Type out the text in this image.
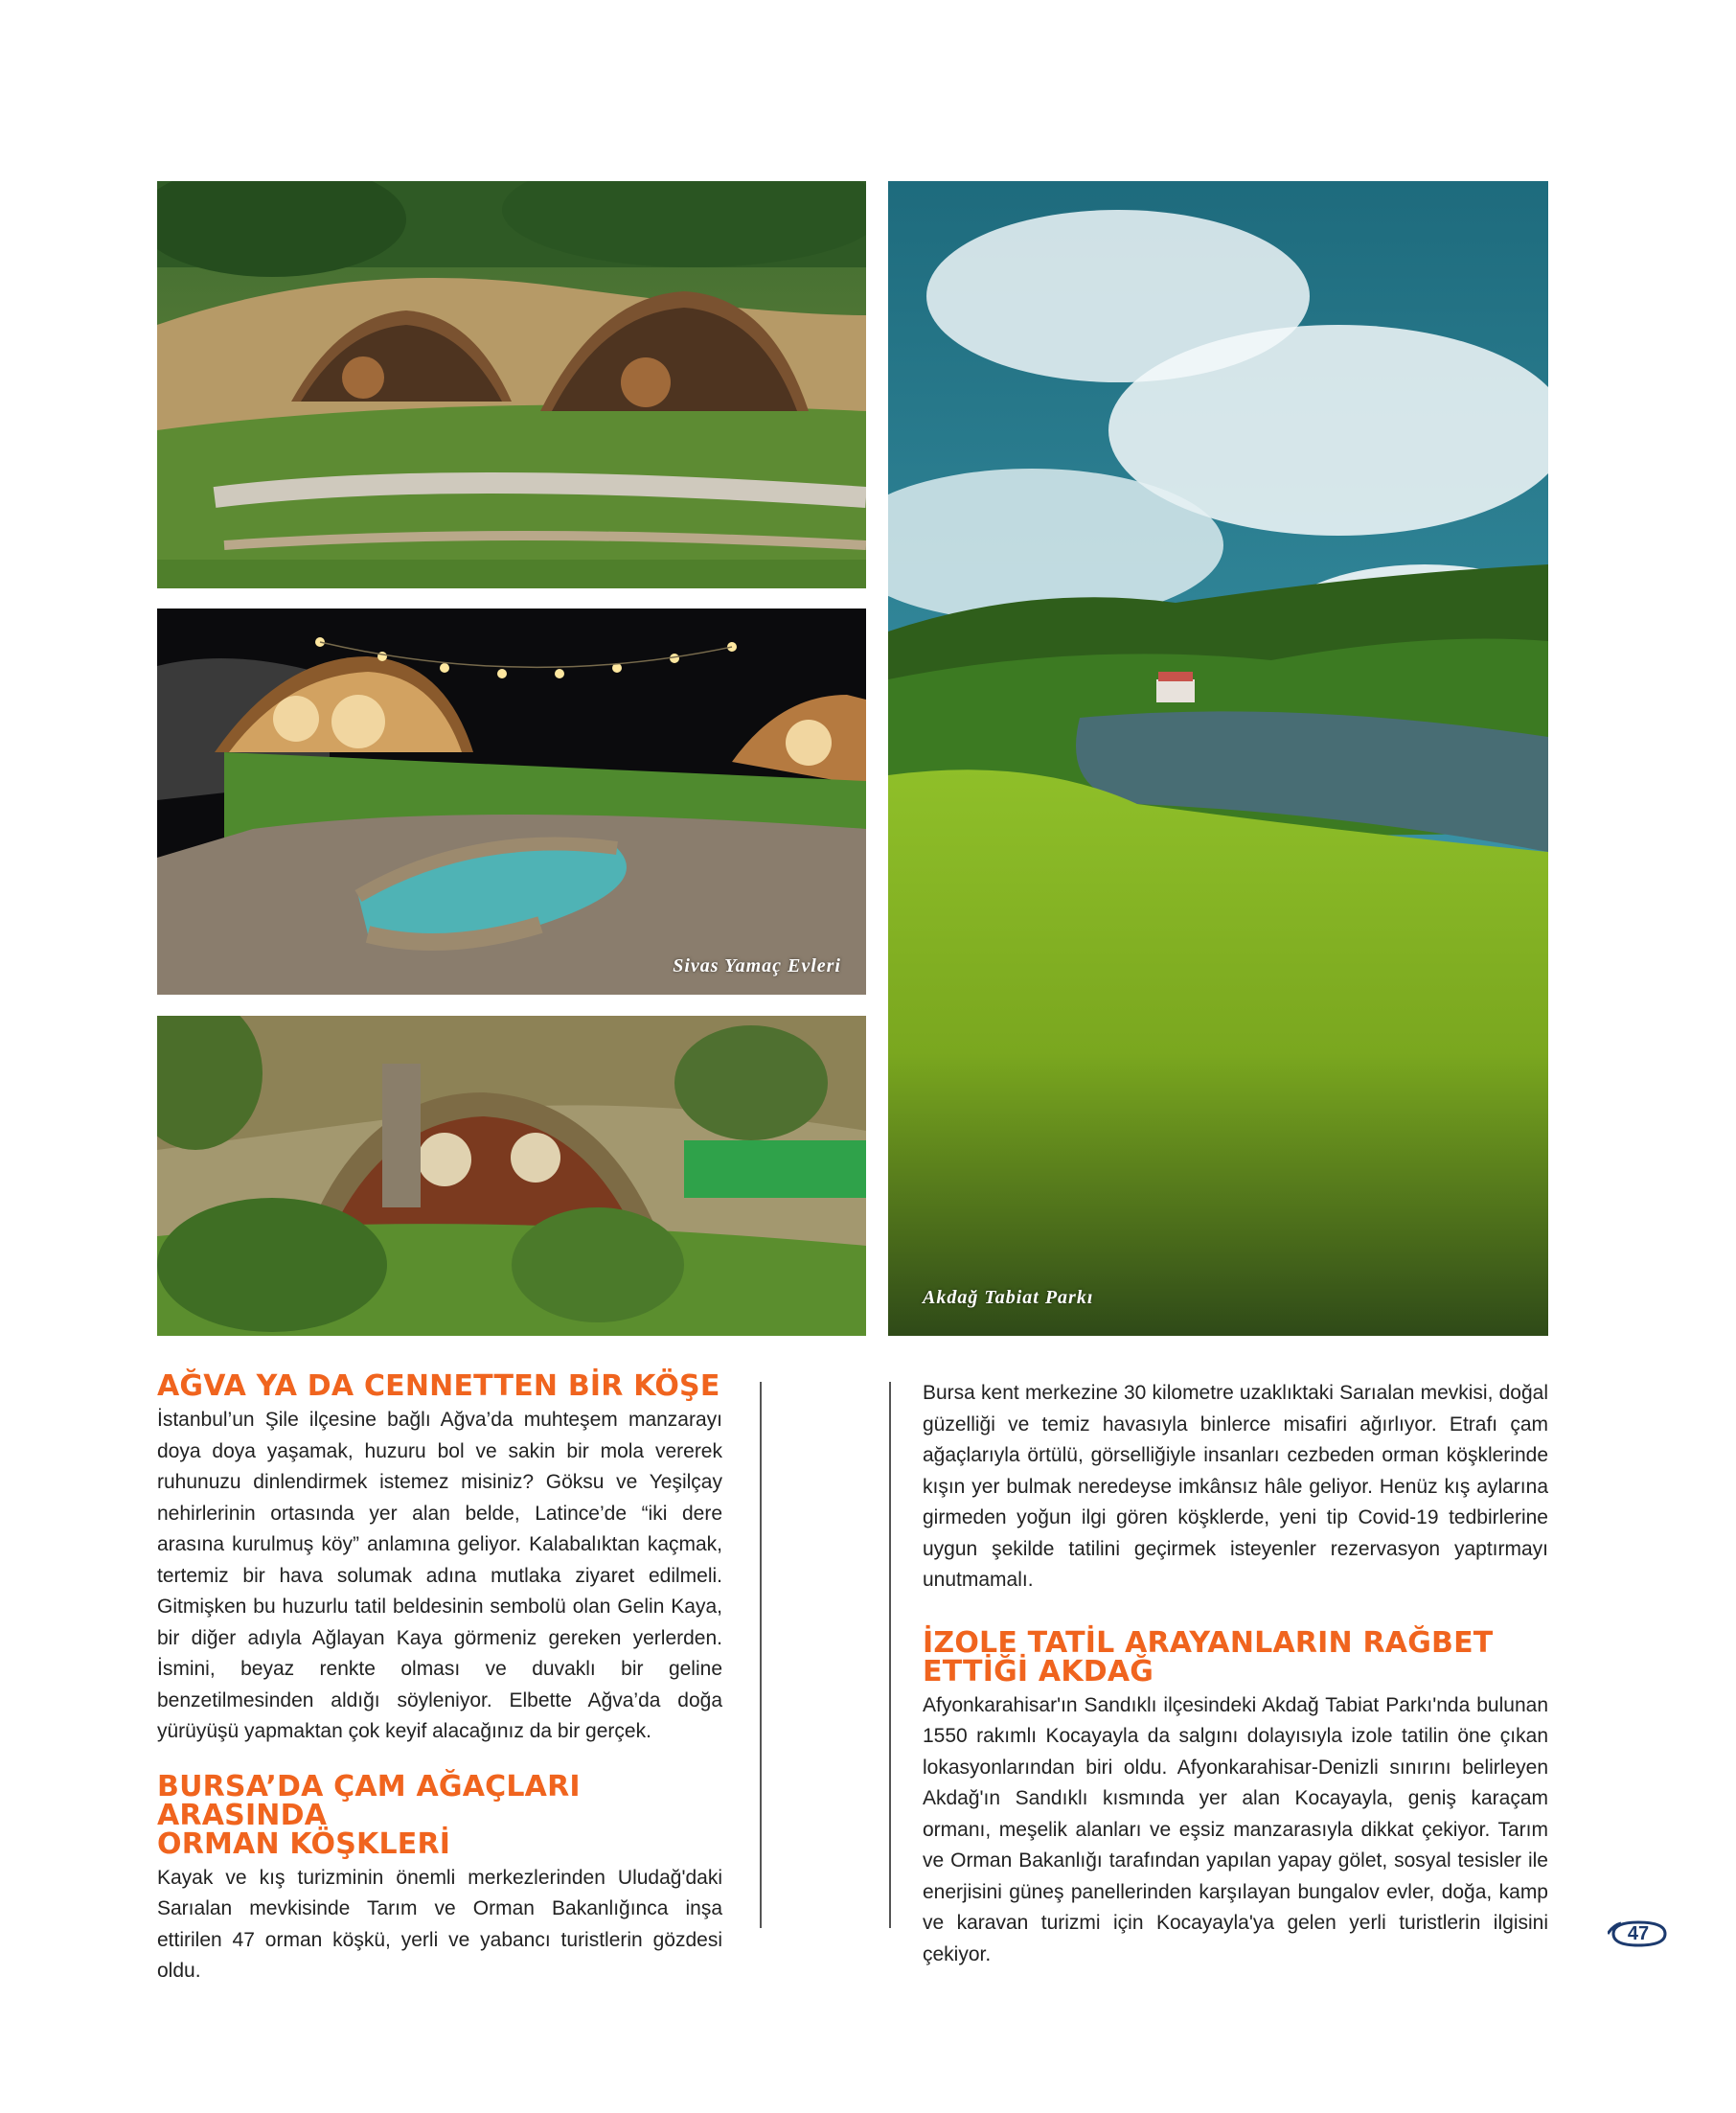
Sivas Yamaç Evleri
Akdağ Tabiat Parkı
AĞVA YA DA CENNETTEN BİR KÖŞE

İstanbul’un Şile ilçesine bağlı Ağva’da muhteşem manzarayı doya doya yaşamak, huzuru bol ve sakin bir mola vererek ruhunuzu dinlendirmek istemez misiniz? Göksu ve Yeşilçay nehirlerinin ortasında yer alan belde, Latince’de “iki dere arasına kurulmuş köy” anlamına geliyor. Kalabalıktan kaçmak, tertemiz bir hava solumak adına mutlaka ziyaret edilmeli. Gitmişken bu huzurlu tatil beldesinin sembolü olan Gelin Kaya, bir diğer adıyla Ağlayan Kaya görmeniz gereken yerlerden. İsmini, beyaz renkte olması ve duvaklı bir geline benzetilmesinden aldığı söyleniyor. Elbette Ağva’da doğa yürüyüşü yapmaktan çok keyif alacağınız da bir gerçek.

BURSA’DA ÇAM AĞAÇLARI ARASINDA
ORMAN KÖŞKLERİ

Kayak ve kış turizminin önemli merkezlerinden Uludağ'daki Sarıalan mevkisinde Tarım ve Orman Bakanlığınca inşa ettirilen 47 orman köşkü, yerli ve yabancı turistlerin gözdesi oldu.

Bursa kent merkezine 30 kilometre uzaklıktaki Sarıalan mevkisi, doğal güzelliği ve temiz havasıyla binlerce misafiri ağırlıyor. Etrafı çam ağaçlarıyla örtülü, görselliğiyle insanları cezbeden orman köşklerinde kışın yer bulmak neredeyse imkânsız hâle geliyor. Henüz kış aylarına girmeden yoğun ilgi gören köşklerde, yeni tip Covid-19 tedbirlerine uygun şekilde tatilini geçirmek isteyenler rezervasyon yaptırmayı unutmamalı.

İZOLE TATİL ARAYANLARIN RAĞBET
ETTİĞİ AKDAĞ

Afyonkarahisar'ın Sandıklı ilçesindeki Akdağ Tabiat Parkı'nda bulunan 1550 rakımlı Kocayayla da salgını dolayısıyla izole tatilin öne çıkan lokasyonlarından biri oldu. Afyonkarahisar-Denizli sınırını belirleyen Akdağ'ın Sandıklı kısmında yer alan Kocayayla, geniş karaçam ormanı, meşelik alanları ve eşsiz manzarasıyla dikkat çekiyor. Tarım ve Orman Bakanlığı tarafından yapılan yapay gölet, sosyal tesisler ile enerjisini güneş panellerinden karşılayan bungalov evler, doğa, kamp ve karavan turizmi için Kocayayla'ya gelen yerli turistlerin ilgisini çekiyor.

47
